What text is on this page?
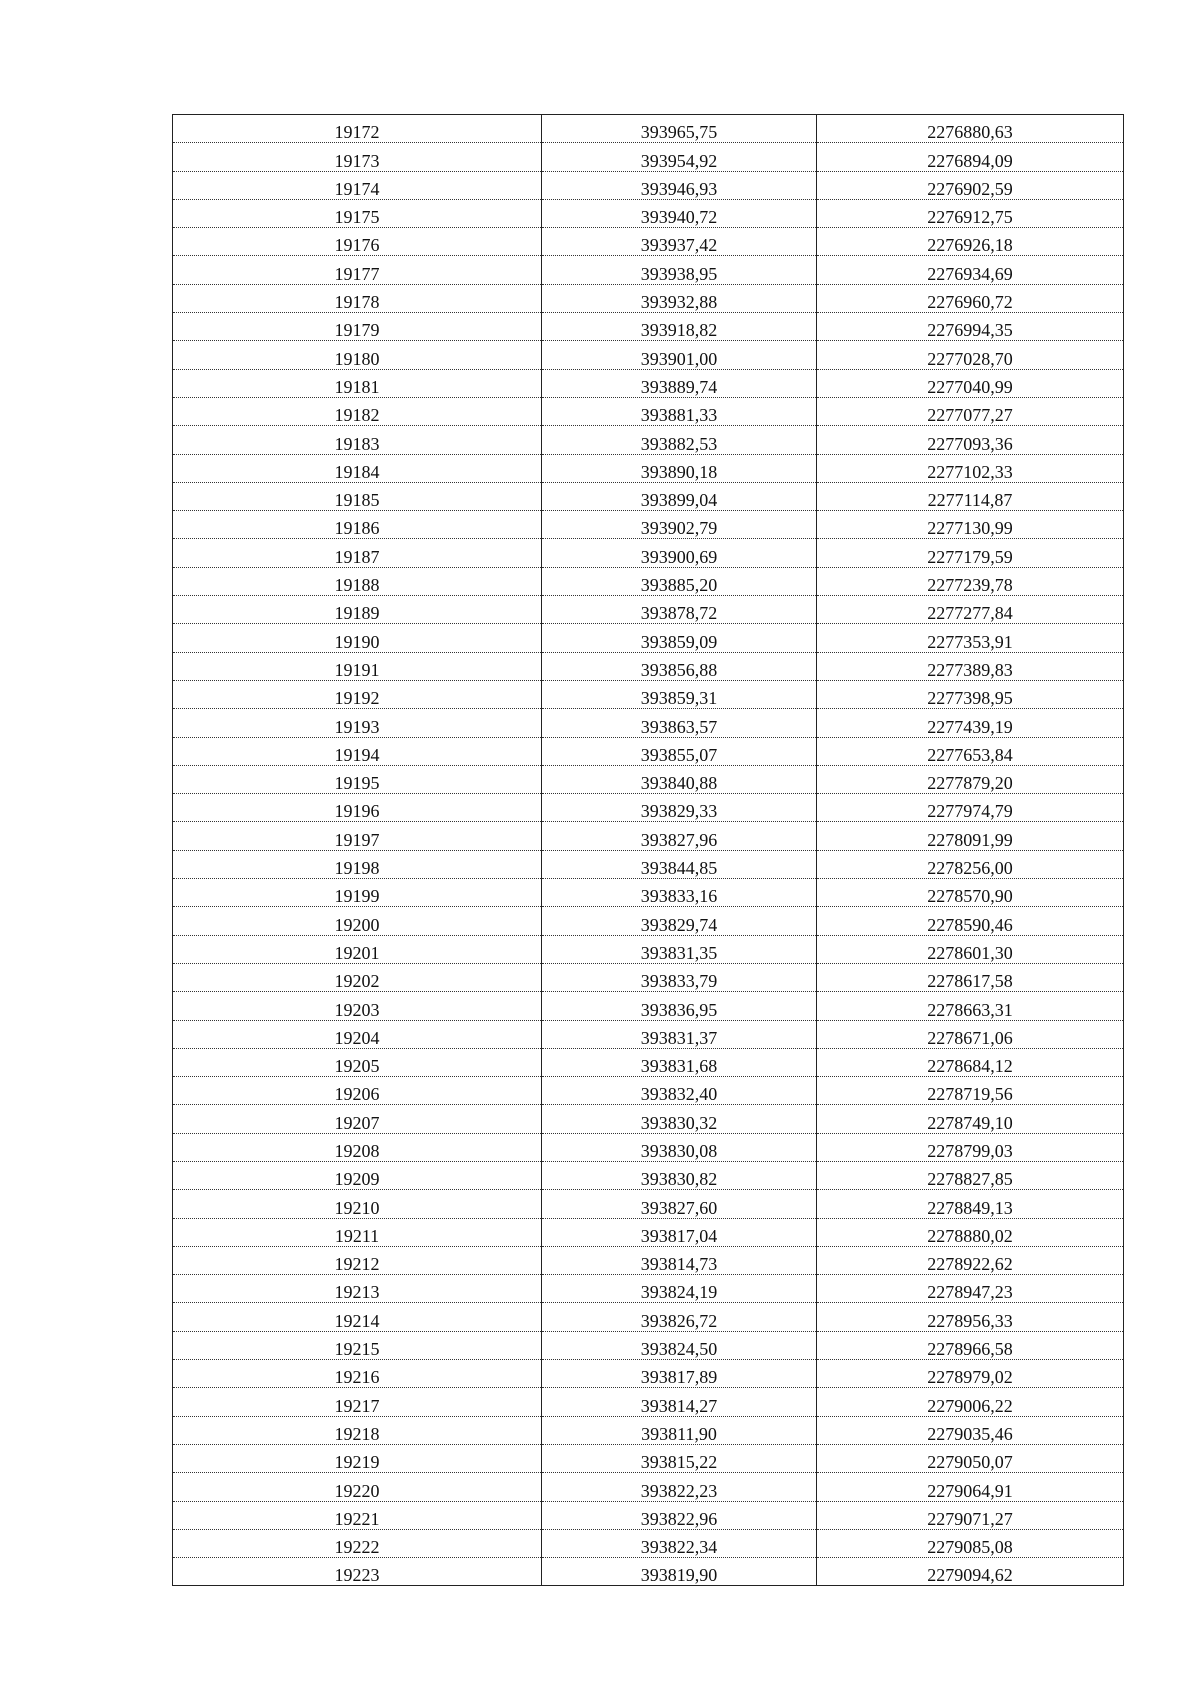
19172	393965,75	2276880,63
19173	393954,92	2276894,09
19174	393946,93	2276902,59
19175	393940,72	2276912,75
19176	393937,42	2276926,18
19177	393938,95	2276934,69
19178	393932,88	2276960,72
19179	393918,82	2276994,35
19180	393901,00	2277028,70
19181	393889,74	2277040,99
19182	393881,33	2277077,27
19183	393882,53	2277093,36
19184	393890,18	2277102,33
19185	393899,04	2277114,87
19186	393902,79	2277130,99
19187	393900,69	2277179,59
19188	393885,20	2277239,78
19189	393878,72	2277277,84
19190	393859,09	2277353,91
19191	393856,88	2277389,83
19192	393859,31	2277398,95
19193	393863,57	2277439,19
19194	393855,07	2277653,84
19195	393840,88	2277879,20
19196	393829,33	2277974,79
19197	393827,96	2278091,99
19198	393844,85	2278256,00
19199	393833,16	2278570,90
19200	393829,74	2278590,46
19201	393831,35	2278601,30
19202	393833,79	2278617,58
19203	393836,95	2278663,31
19204	393831,37	2278671,06
19205	393831,68	2278684,12
19206	393832,40	2278719,56
19207	393830,32	2278749,10
19208	393830,08	2278799,03
19209	393830,82	2278827,85
19210	393827,60	2278849,13
19211	393817,04	2278880,02
19212	393814,73	2278922,62
19213	393824,19	2278947,23
19214	393826,72	2278956,33
19215	393824,50	2278966,58
19216	393817,89	2278979,02
19217	393814,27	2279006,22
19218	393811,90	2279035,46
19219	393815,22	2279050,07
19220	393822,23	2279064,91
19221	393822,96	2279071,27
19222	393822,34	2279085,08
19223	393819,90	2279094,62
